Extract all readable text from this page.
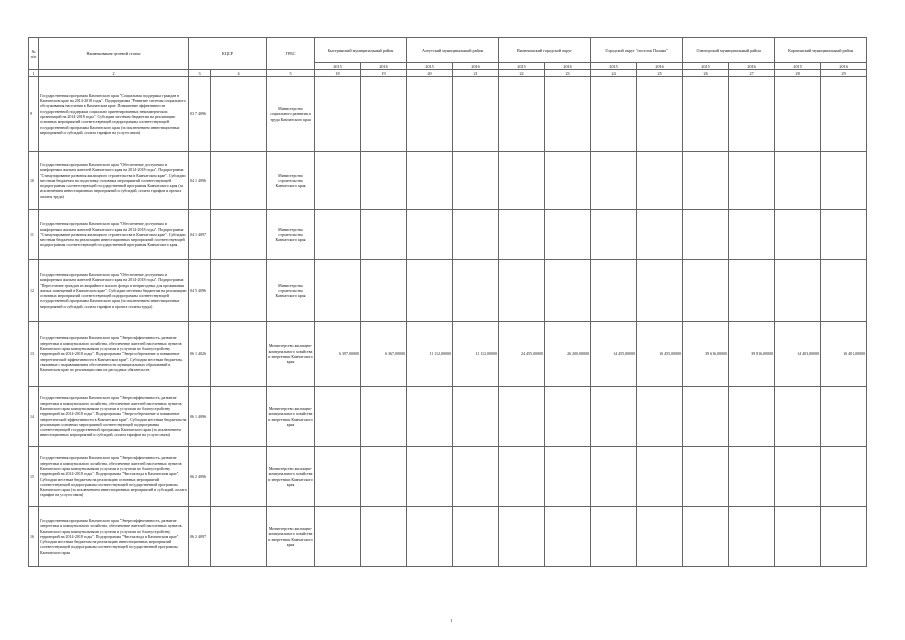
№ п/п	Наименование целевой статьи	КЦСР		ГРБС	Быстринский муниципальный район		Алеутский муниципальный район		Вилючинский городской округ		Городской округ "поселок Палана"		Олюторский муниципальный район		Карагинский муниципальный район	
					2015	2016	2015	2016	2015	2016	2015	2016	2015	2016	2015	2016
1	2	3	4	5	18	19	20	21	22	23	24	25	26	27	28	29
9	Государственная программа Камчатского края "Социальная поддержка граждан в Камчатском крае на 2014-2018 годы". Подпрограмма "Развитие системы социального обслуживания населения в Камчатском крае. Повышение эффективности государственной поддержки социально ориентированных некоммерческих организаций на 2014-2018 годы". Субсидии местным бюджетам на реализацию основных мероприятий соответствующей подпрограммы соответствующей государственной программы Камчатского края (за исключением инвестиционных мероприятий и субсидий, оплата тарифов на услуги связи)	03 7 4096		Министерство социального развития и труда Камчатского края												
10	Государственная программа Камчатского края "Обеспечение доступным и комфортным жильем жителей Камчатского края на 2014-2018 годы". Подпрограмма "Стимулирование развития жилищного строительства в Камчатском крае". Субсидии местным бюджетам на подготовку основных мероприятий соответствующей подпрограммы соответствующей государственной программы Камчатского края (за исключением инвестиционных мероприятий и субсидий, оплата тарифов и прочих оплаты труда)	04 1 4096		Министерство строительства Камчатского края												
11	Государственная программа Камчатского края "Обеспечение доступным и комфортным жильем жителей Камчатского края на 2014-2018 годы". Подпрограмма "Стимулирование развития жилищного строительства в Камчатском крае". Субсидии местным бюджетам на реализацию инвестиционных мероприятий соответствующей подпрограммы соответствующей государственной программы Камчатского края	04 1 4097		Министерство строительства Камчатского края												
12	Государственная программа Камчатского края "Обеспечение доступным и комфортным жильем жителей Камчатского края на 2014-2018 годы". Подпрограмма "Переселение граждан из аварийного жилого фонда и непригодных для проживания жилых помещений в Камчатском крае". Субсидии местным бюджетам на реализацию основных мероприятий соответствующей подпрограммы соответствующей государственной программы Камчатского края (за исключением инвестиционных мероприятий и субсидий, оплата тарифов и прочих оплаты труда)	04 5 4096		Министерство строительства Камчатского края												
13	Государственная программа Камчатского края "Энергоэффективность, развитие энергетики и коммунального хозяйства, обеспечение жителей населенных пунктов Камчатского края коммунальными услугами и услугами по благоустройству территорий на 2014-2018 годы". Подпрограмма "Энергосбережение и повышение энергетической эффективности в Камчатском крае". Субсидии местным бюджетам, связанные с выравниванием обеспеченности муниципальных образований в Камчатском крае по реализации ими их расходных обязательств	06 1 4026		Министерство жилищно-коммунального хозяйства и энергетики Камчатского края	6 397,00000	6 367,00000	11 112,00000	11 112,00000	24 455,00000	26 200,00000	14 455,00000	16 455,00000	39 616,00000	39 816,00000	14 403,00000	16 401,00000
14	Государственная программа Камчатского края "Энергоэффективность, развитие энергетики и коммунального хозяйства, обеспечение жителей населенных пунктов Камчатского края коммунальными услугами и услугами по благоустройству территорий на 2014-2018 годы". Подпрограмма "Энергосбережение и повышение энергетической эффективности в Камчатском крае". Субсидии местным бюджетам на реализацию основных мероприятий соответствующей подпрограммы соответствующей государственной программы Камчатского края (за исключением инвестиционных мероприятий и субсидий, оплата тарифов на услуги связи)	06 1 4096		Министерство жилищно-коммунального хозяйства и энергетики Камчатского края												
15	Государственная программа Камчатского края "Энергоэффективность, развитие энергетики и коммунального хозяйства, обеспечение жителей населенных пунктов Камчатского края коммунальными услугами и услугами по благоустройству территорий на 2014-2018 годы". Подпрограмма "Чистая вода в Камчатском крае". Субсидии местным бюджетам на реализацию основных мероприятий соответствующей подпрограммы соответствующей государственной программы Камчатского края (за исключением инвестиционных мероприятий и субсидий, оплата тарифов на услуги связи)	06 2 4096		Министерство жилищно-коммунального хозяйства и энергетики Камчатского края												
16	Государственная программа Камчатского края "Энергоэффективность, развитие энергетики и коммунального хозяйства, обеспечение жителей населенных пунктов Камчатского края коммунальными услугами и услугами по благоустройству территорий на 2014-2018 годы". Подпрограмма "Чистая вода в Камчатском крае". Субсидии местным бюджетам на реализацию инвестиционных мероприятий соответствующей подпрограммы соответствующей государственной программы Камчатского края	06 2 4097		Министерство жилищно-коммунального хозяйства и энергетики Камчатского края												
1
